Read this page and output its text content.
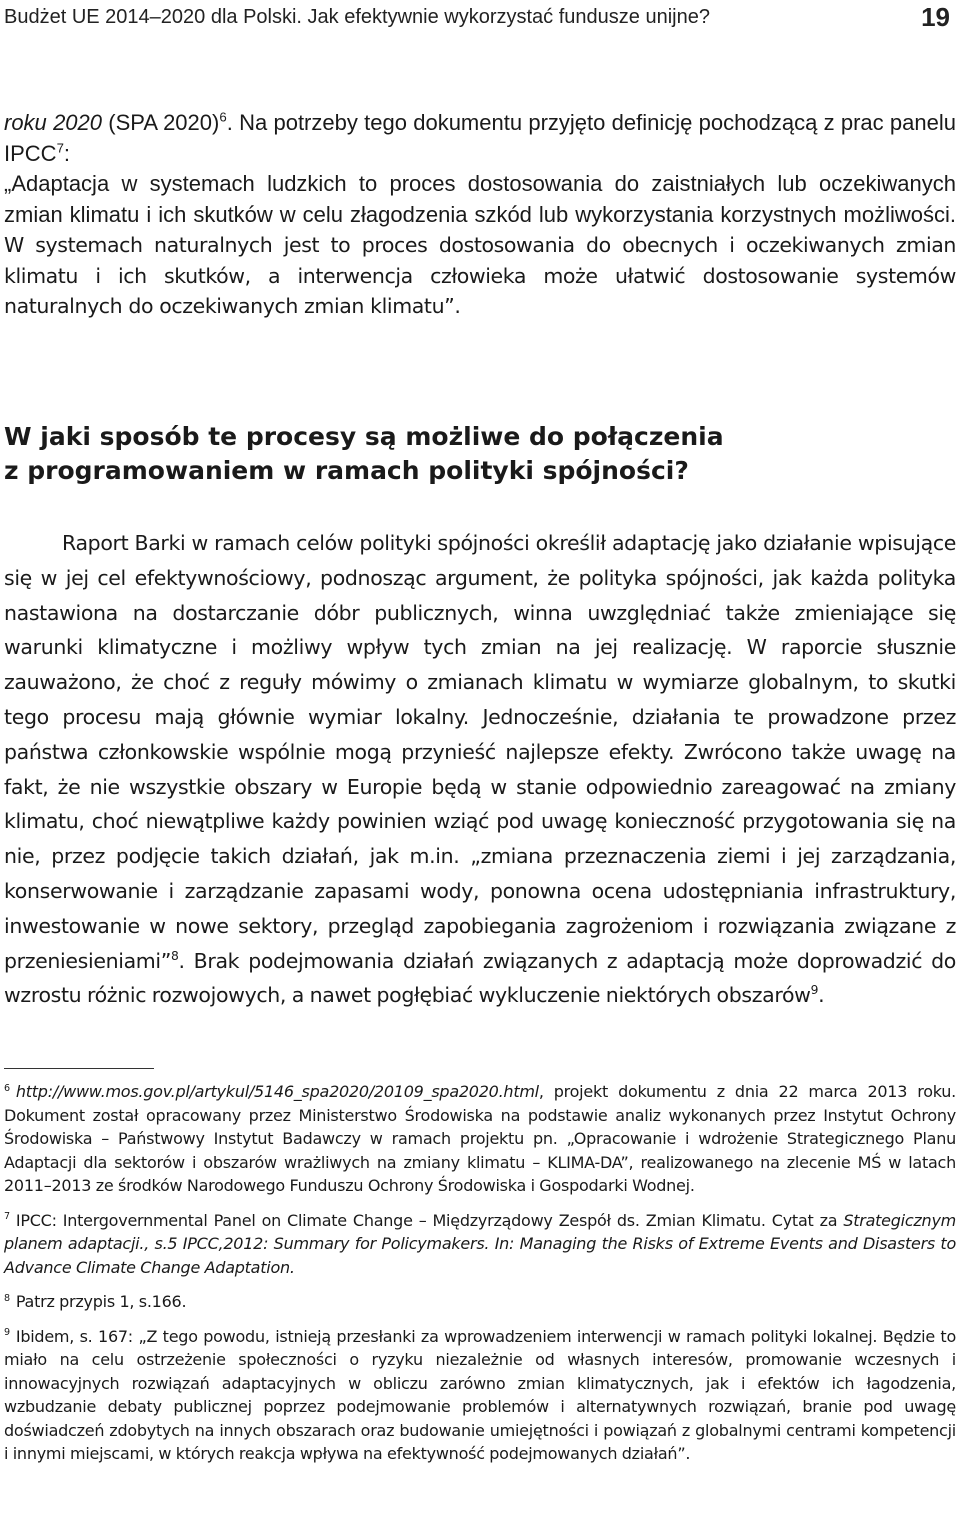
Budżet UE 2014–2020 dla Polski. Jak efektywnie wykorzystać fundusze unijne?	19

roku 2020 (SPA 2020)$^6$. Na potrzeby tego dokumentu przyjęto definicję pochodzącą z prac panelu IPCC$^7$:

„Adaptacja w systemach ludzkich to proces dostosowania do zaistniałych lub oczekiwanych zmian klimatu i ich skutków w celu złagodzenia szkód lub wykorzystania korzystnych możliwości. W systemach naturalnych jest to proces dostosowania do obecnych i oczekiwanych zmian klimatu i ich skutków, a interwencja człowieka może ułatwić dostosowanie systemów naturalnych do oczekiwanych zmian klimatu”.

W jaki sposób te procesy są możliwe do połączenia
z programowaniem w ramach polityki spójności?

Raport Barki w ramach celów polityki spójności określił adaptację jako działanie wpisujące się w jej cel efektywnościowy, podnosząc argument, że polityka spójności, jak każda polityka nastawiona na dostarczanie dóbr publicznych, winna uwzględniać także zmieniające się warunki klimatyczne i możliwy wpływ tych zmian na jej realizację. W raporcie słusznie zauważono, że choć z reguły mówimy o zmianach klimatu w wymiarze globalnym, to skutki tego procesu mają głównie wymiar lokalny. Jednocześnie, działania te prowadzone przez państwa członkowskie wspólnie mogą przynieść najlepsze efekty. Zwrócono także uwagę na fakt, że nie wszystkie obszary w Europie będą w stanie odpowiednio zareagować na zmiany klimatu, choć niewątpliwe każdy powinien wziąć pod uwagę konieczność przygotowania się na nie, przez podjęcie takich działań, jak m.in. „zmiana przeznaczenia ziemi i jej zarządzania, konserwowanie i zarządzanie zapasami wody, ponowna ocena udostępniania infrastruktury, inwestowanie w nowe sektory, przegląd zapobiegania zagrożeniom i rozwiązania związane z przeniesieniami”$^8$. Brak podejmowania działań związanych z adaptacją może doprowadzić do wzrostu różnic rozwojowych, a nawet pogłębiać wykluczenie niektórych obszarów$^9$.

$^6$ http://www.mos.gov.pl/artykul/5146_spa2020/20109_spa2020.html, projekt dokumentu z dnia 22 marca 2013 roku. Dokument został opracowany przez Ministerstwo Środowiska na podstawie analiz wykonanych przez Instytut Ochrony Środowiska – Państwowy Instytut Badawczy w ramach projektu pn. „Opracowanie i wdrożenie Strategicznego Planu Adaptacji dla sektorów i obszarów wrażliwych na zmiany klimatu – KLIMA-DA”, realizowanego na zlecenie MŚ w latach 2011–2013 ze środków Narodowego Funduszu Ochrony Środowiska i Gospodarki Wodnej.

$^7$ IPCC: Intergovernmental Panel on Climate Change – Międzyrządowy Zespół ds. Zmian Klimatu. Cytat za Strategicznym planem adaptacji., s.5 IPCC,2012: Summary for Policymakers. In: Managing the Risks of Extreme Events and Disasters to Advance Climate Change Adaptation.

$^8$ Patrz przypis 1, s.166.

$^9$ Ibidem, s. 167: „Z tego powodu, istnieją przesłanki za wprowadzeniem interwencji w ramach polityki lokalnej. Będzie to miało na celu ostrzeżenie społeczności o ryzyku niezależnie od własnych interesów, promowanie wczesnych i innowacyjnych rozwiązań adaptacyjnych w obliczu zarówno zmian klimatycznych, jak i efektów ich łagodzenia, wzbudzanie debaty publicznej poprzez podejmowanie problemów i alternatywnych rozwiązań, branie pod uwagę doświadczeń zdobytych na innych obszarach oraz budowanie umiejętności i powiązań z globalnymi centrami kompetencji i innymi miejscami, w których reakcja wpływa na efektywność podejmowanych działań”.
